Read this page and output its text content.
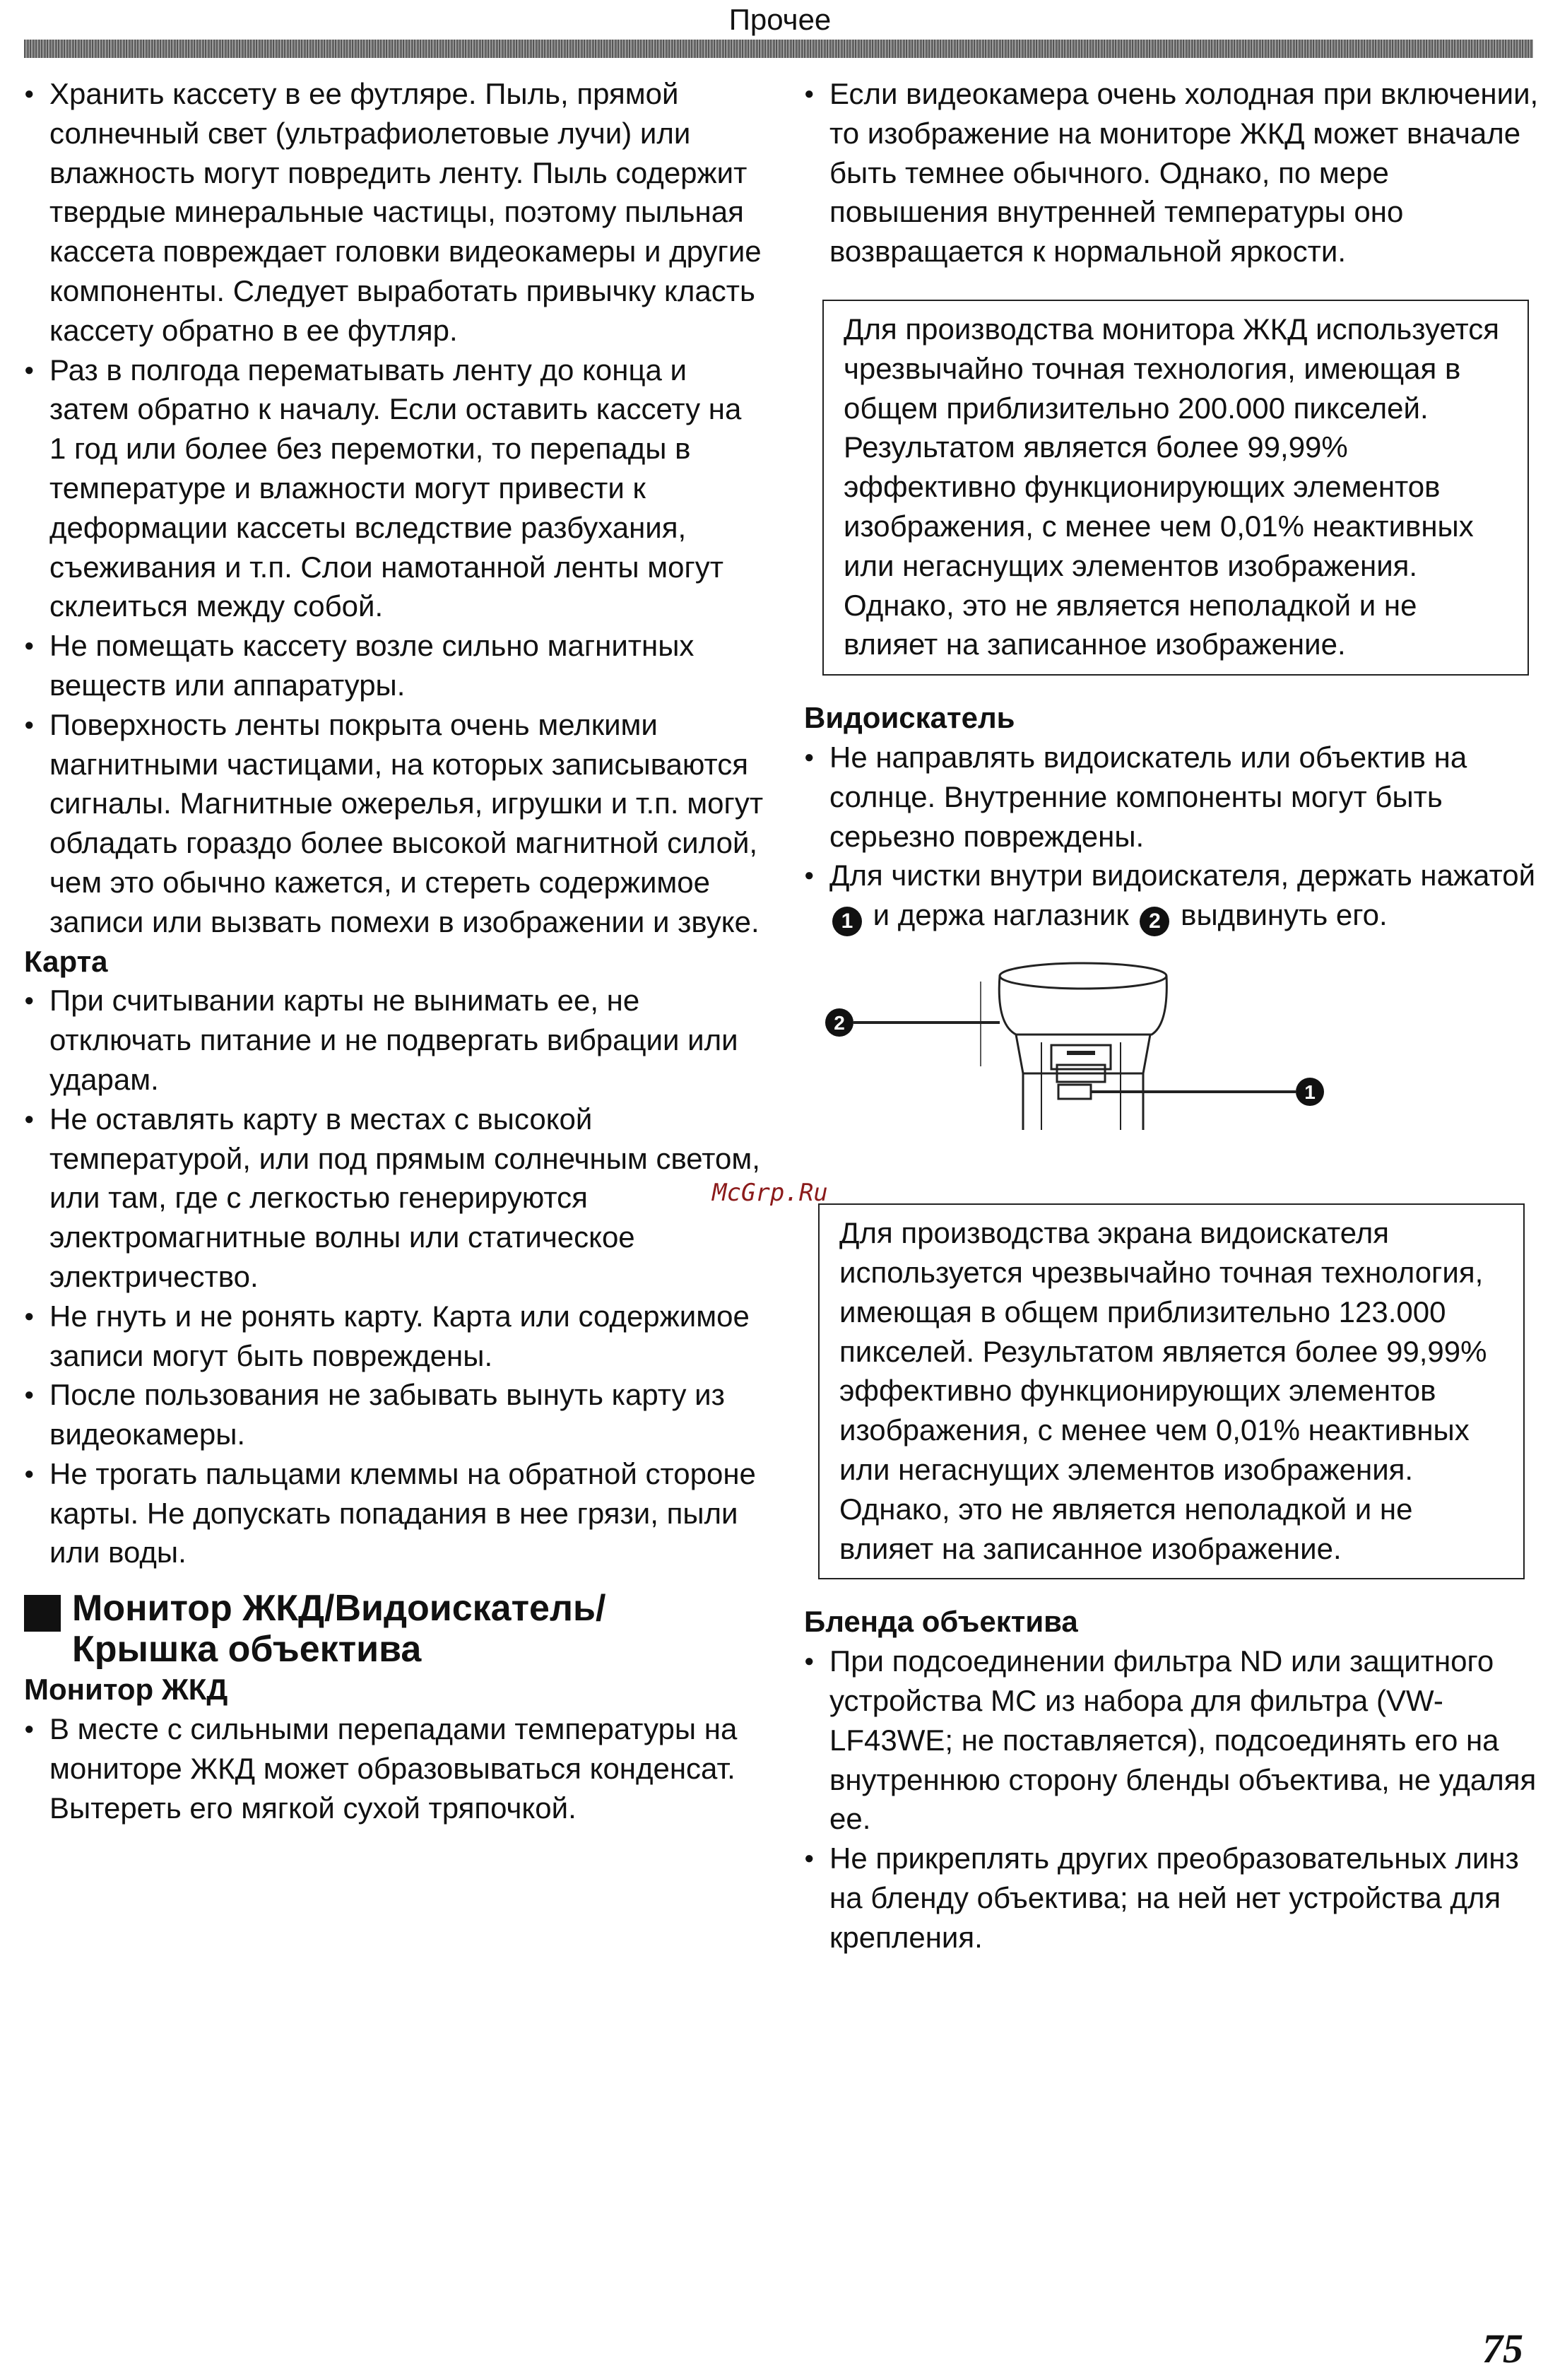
Прочее
● Хранить кассету в ее футляре. Пыль, прямой солнечный свет (ультрафиолетовые лучи) или влажность могут повредить ленту. Пыль содержит твердые минеральные частицы, поэтому пыльная кассета повреждает головки видеокамеры и другие компоненты. Следует выработать привычку класть кассету обратно в ее футляр.
● Раз в полгода перематывать ленту до конца и затем обратно к началу. Если оставить кассету на 1 год или более без перемотки, то перепады в температуре и влажности могут привести к деформации кассеты вследствие разбухания, съеживания и т.п. Слои намотанной ленты могут склеиться между собой.
● Не помещать кассету возле сильно магнитных веществ или аппаратуры.
● Поверхность ленты покрыта очень мелкими магнитными частицами, на которых записываются сигналы. Магнитные ожерелья, игрушки и т.п. могут обладать гораздо более высокой магнитной силой, чем это обычно кажется, и стереть содержимое записи или вызвать помехи в изображении и звуке.
Карта
● При считывании карты не вынимать ее, не отключать питание и не подвергать вибрации или ударам.
● Не оставлять карту в местах с высокой температурой, или под прямым солнечным светом, или там, где с легкостью генерируются электромагнитные волны или статическое электричество.
● Не гнуть и не ронять карту. Карта или содержимое записи могут быть повреждены.
● После пользования не забывать вынуть карту из видеокамеры.
● Не трогать пальцами клеммы на обратной стороне карты. Не допускать попадания в нее грязи, пыли или воды.
Монитор ЖКД/Видоискатель/
Крышка объектива
Монитор ЖКД
● В месте с сильными перепадами температуры на мониторе ЖКД может образовываться конденсат. Вытереть его мягкой сухой тряпочкой.
● Если видеокамера очень холодная при включении, то изображение на мониторе ЖКД может вначале быть темнее обычного. Однако, по мере повышения внутренней температуры оно возвращается к нормальной яркости.
Для производства монитора ЖКД используется чрезвычайно точная технология, имеющая в общем приблизительно 200.000 пикселей. Результатом является более 99,99% эффективно функционирующих элементов изображения, с менее чем 0,01% неактивных или негаснущих элементов изображения. Однако, это не является неполадкой и не влияет на записанное изображение.
Видоискатель
● Не направлять видоискатель или объектив на солнце. Внутренние компоненты могут быть серьезно повреждены.
● Для чистки внутри видоискателя, держать нажатой 1 и держа наглазник 2 выдвинуть его.
2
1
Для производства экрана видоискателя используется чрезвычайно точная технология, имеющая в общем приблизительно 123.000 пикселей. Результатом является более 99,99% эффективно функционирующих элементов изображения, с менее чем 0,01% неактивных или негаснущих элементов изображения. Однако, это не является неполадкой и не влияет на записанное изображение.
Бленда объектива
● При подсоединении фильтра ND или защитного устройства MC из набора для фильтра (VW-LF43WE; не поставляется), подсоединять его на внутреннюю сторону бленды объектива, не удаляя ее.
● Не прикреплять других преобразовательных линз на бленду объектива; на ней нет устройства для крепления.
McGrp.Ru
75
